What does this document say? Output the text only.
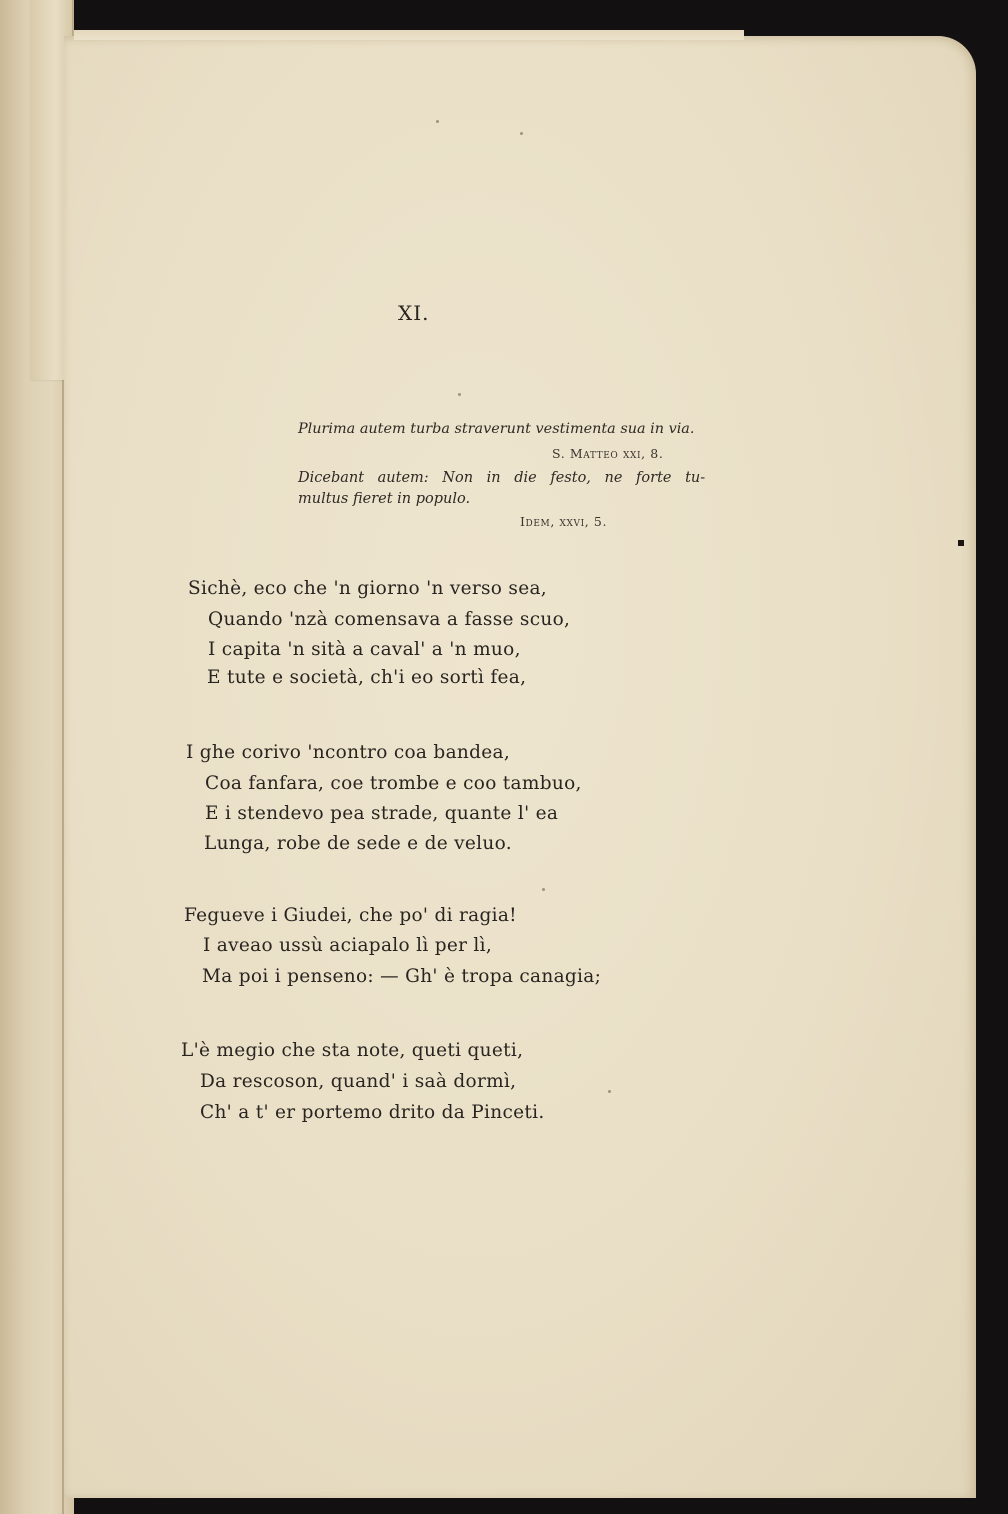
XI.
Plurima autem turba straverunt vestimenta sua in via.
S. Matteo xxi, 8.
Dicebant autem: Non in die festo, ne forte tu-
multus fieret in populo.
Idem, xxvi, 5.
Sichè, eco che 'n giorno 'n verso sea,
Quando 'nzà comensava a fasse scuo,
I capita 'n sità a caval' a 'n muo,
E tute e società, ch'i eo sortì fea,
I ghe corivo 'ncontro coa bandea,
Coa fanfara, coe trombe e coo tambuo,
E i stendevo pea strade, quante l' ea
Lunga, robe de sede e de veluo.
Fegueve i Giudei, che po' di ragia!
I aveao ussù aciapalo lì per lì,
Ma poi i penseno: — Gh' è tropa canagia;
L'è megio che sta note, queti queti,
Da rescoson, quand' i saà dormì,
Ch' a t' er portemo drito da Pinceti.
